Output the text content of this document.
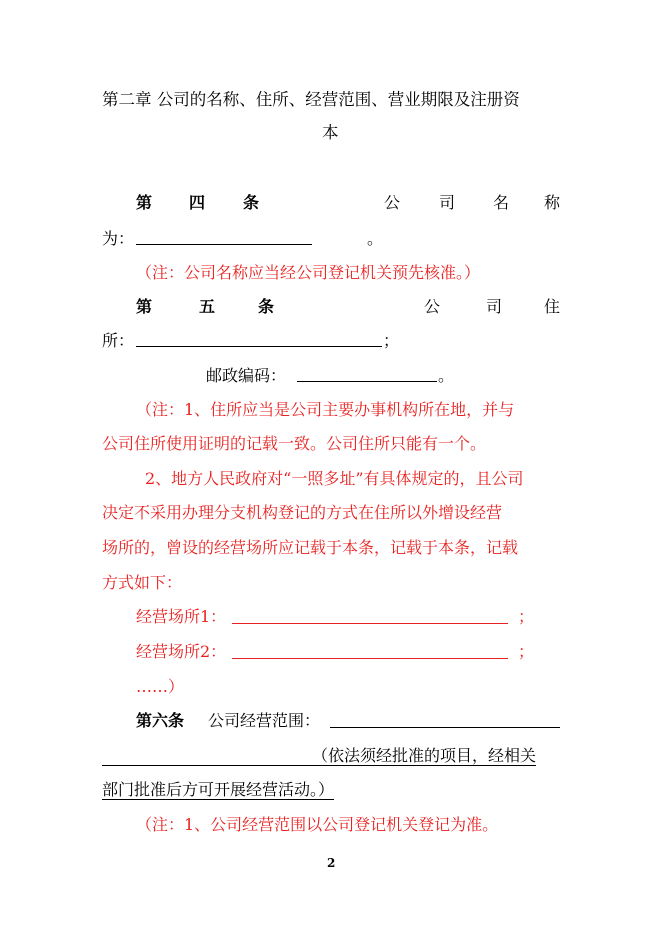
第二章 公司的名称、住所、经营范围、营业期限及注册资
本
第 四 条	公 司 名 称
为：	。
（注：公司名称应当经公司登记机关预先核准。）
第	五	条	公	司	住
所：	；
邮政编码：	。
（注：1、住所应当是公司主要办事机构所在地，并与
公司住所使用证明的记载一致。公司住所只能有一个。
2、地方人民政府对“一照多址”有具体规定的，且公司
决定不采用办理分支机构登记的方式在住所以外增设经营
场所的，曾设的经营场所应记载于本条，记载于本条，记载
方式如下：
经营场所1：	；
经营场所2：	；
……）
第六条 公司经营范围：
（依法须经批准的项目，经相关
部门批准后方可开展经营活动。）
（注：1、公司经营范围以公司登记机关登记为准。
2
